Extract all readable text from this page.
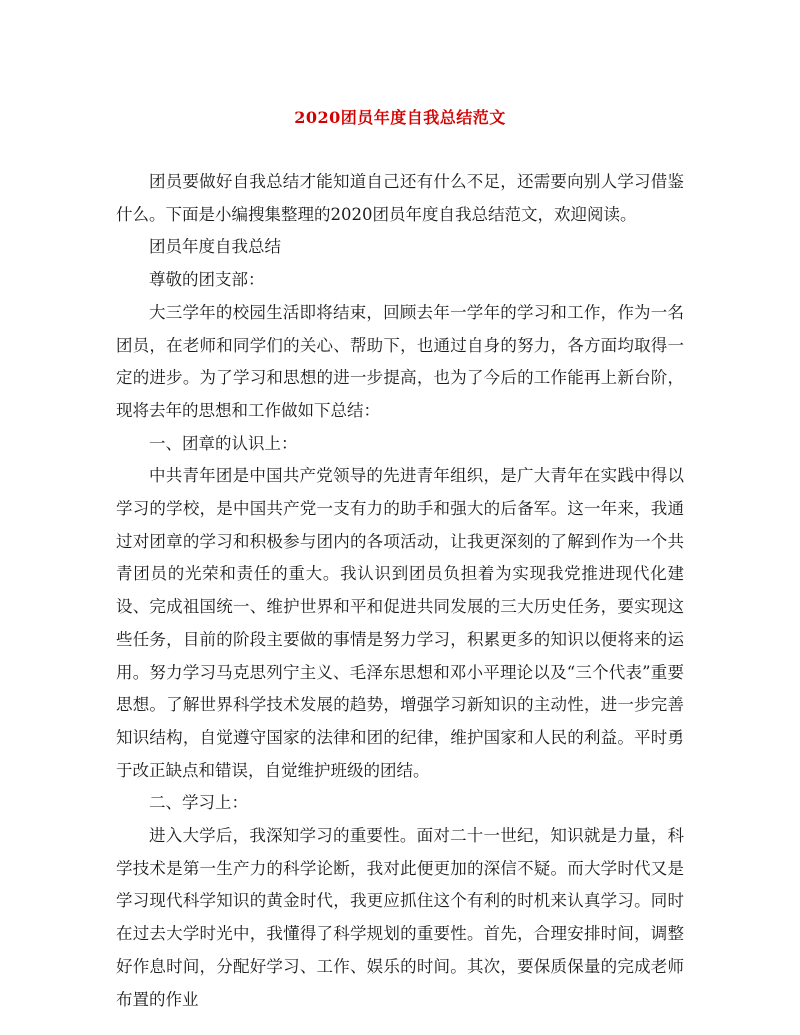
2020团员年度自我总结范文

团员要做好自我总结才能知道自己还有什么不足，还需要向别人学习借鉴什么。下面是小编搜集整理的2020团员年度自我总结范文，欢迎阅读。

团员年度自我总结

尊敬的团支部：

大三学年的校园生活即将结束，回顾去年一学年的学习和工作，作为一名团员，在老师和同学们的关心、帮助下，也通过自身的努力，各方面均取得一定的进步。为了学习和思想的进一步提高，也为了今后的工作能再上新台阶，现将去年的思想和工作做如下总结：

一、团章的认识上：

中共青年团是中国共产党领导的先进青年组织，是广大青年在实践中得以学习的学校，是中国共产党一支有力的助手和强大的后备军。这一年来，我通过对团章的学习和积极参与团内的各项活动，让我更深刻的了解到作为一个共青团员的光荣和责任的重大。我认识到团员负担着为实现我党推进现代化建设、完成祖国统一、维护世界和平和促进共同发展的三大历史任务，要实现这些任务，目前的阶段主要做的事情是努力学习，积累更多的知识以便将来的运用。努力学习马克思列宁主义、毛泽东思想和邓小平理论以及“三个代表”重要思想。了解世界科学技术发展的趋势，增强学习新知识的主动性，进一步完善知识结构，自觉遵守国家的法律和团的纪律，维护国家和人民的利益。平时勇于改正缺点和错误，自觉维护班级的团结。

二、学习上：

进入大学后，我深知学习的重要性。面对二十一世纪，知识就是力量，科学技术是第一生产力的科学论断，我对此便更加的深信不疑。而大学时代又是学习现代科学知识的黄金时代，我更应抓住这个有利的时机来认真学习。同时在过去大学时光中，我懂得了科学规划的重要性。首先，合理安排时间，调整好作息时间，分配好学习、工作、娱乐的时间。其次，要保质保量的完成老师布置的作业
